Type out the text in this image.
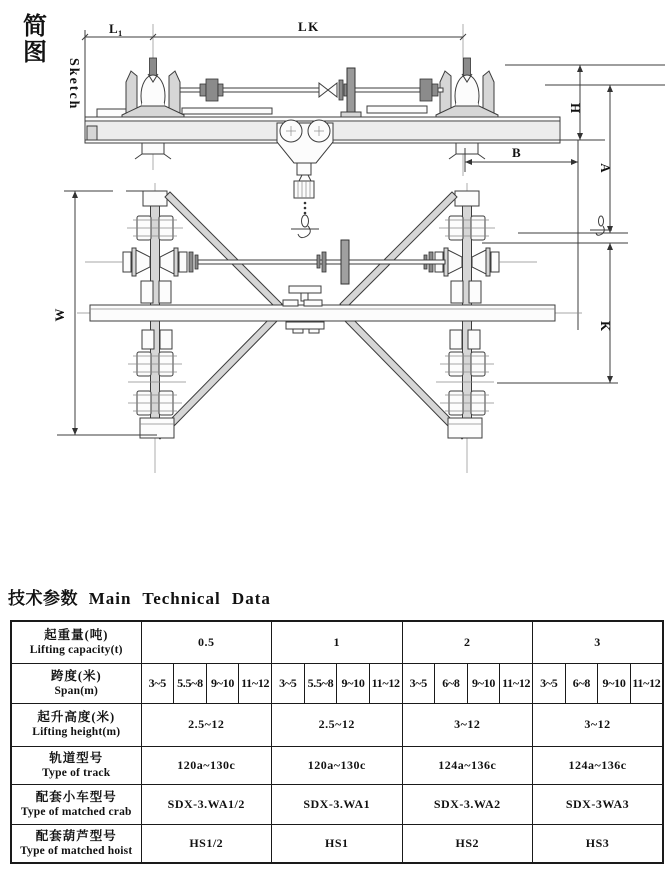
简
图
Sketch
L 1	LK
H
B
A
K
W
技术参数 Main Technical Data
起重量(吨)
Lifting capacity(t)	0.5				1				2				3			

跨度(米)
Span(m)	3~5	5.5~8	9~10	11~12	3~5	5.5~8	9~10	11~12	3~5	6~8	9~10	11~12	3~5	6~8	9~10	11~12

起升高度(米)
Lifting height(m)	2.5~12				2.5~12				3~12				3~12			

轨道型号
Type of track	120a~130c				120a~130c				124a~136c				124a~136c			

配套小车型号
Type of matched crab	SDX-3.WA1/2				SDX-3.WA1				SDX-3.WA2				SDX-3WA3			

配套葫芦型号
Type of matched hoist	HS1/2				HS1				HS2				HS3			
